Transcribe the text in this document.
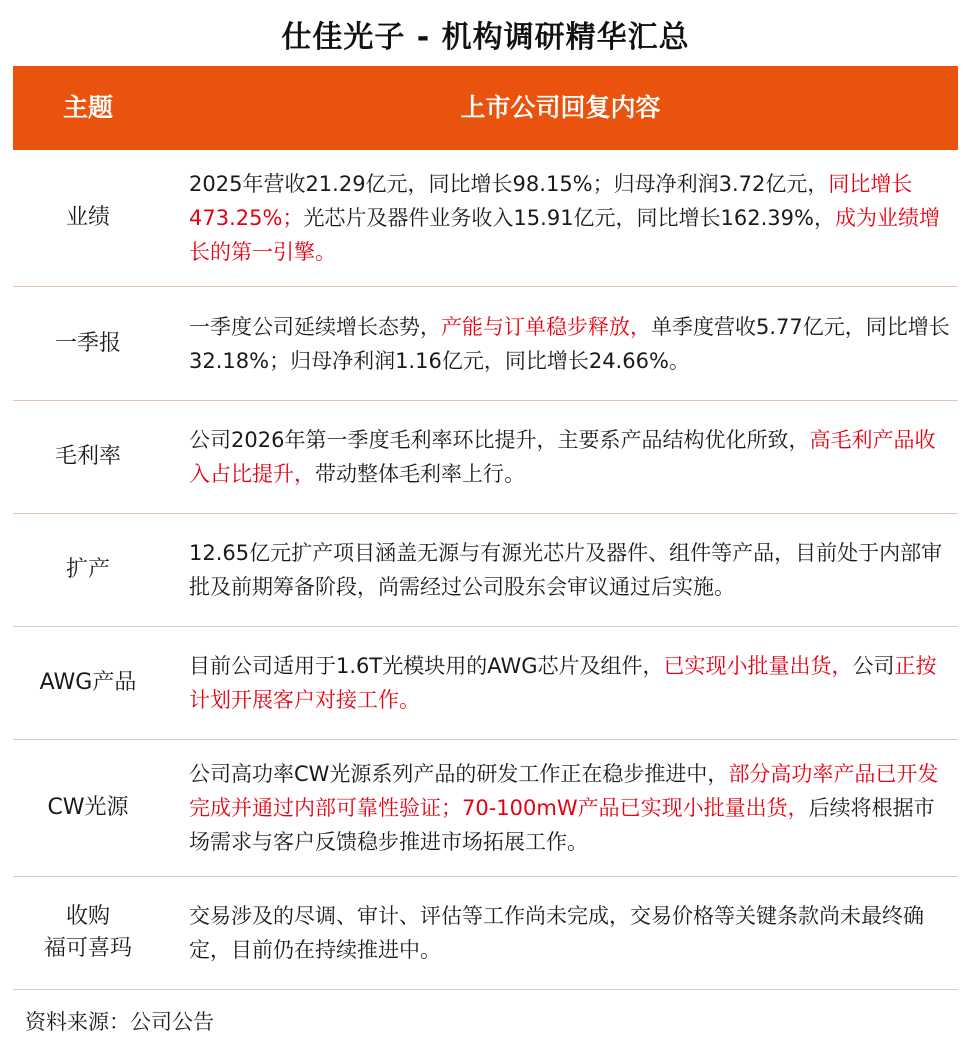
仕佳光子 - 机构调研精华汇总
主题	上市公司回复内容
业绩

2025年营收21.29亿元，同比增长98.15%；归母净利润3.72亿元，同比增长473.25%；光芯片及器件业务收入15.91亿元，同比增长162.39%，成为业绩增长的第一引擎。

一季报

一季度公司延续增长态势，产能与订单稳步释放，单季度营收5.77亿元，同比增长32.18%；归母净利润1.16亿元，同比增长24.66%。

毛利率

公司2026年第一季度毛利率环比提升，主要系产品结构优化所致，高毛利产品收入占比提升，带动整体毛利率上行。

扩产

12.65亿元扩产项目涵盖无源与有源光芯片及器件、组件等产品，目前处于内部审批及前期筹备阶段，尚需经过公司股东会审议通过后实施。

AWG产品

目前公司适用于1.6T光模块用的AWG芯片及组件，已实现小批量出货，公司正按计划开展客户对接工作。

CW光源

公司高功率CW光源系列产品的研发工作正在稳步推进中，部分高功率产品已开发完成并通过内部可靠性验证；70-100mW产品已实现小批量出货，后续将根据市场需求与客户反馈稳步推进市场拓展工作。

收购
福可喜玛

交易涉及的尽调、审计、评估等工作尚未完成，交易价格等关键条款尚未最终确定，目前仍在持续推进中。

资料来源：公司公告
